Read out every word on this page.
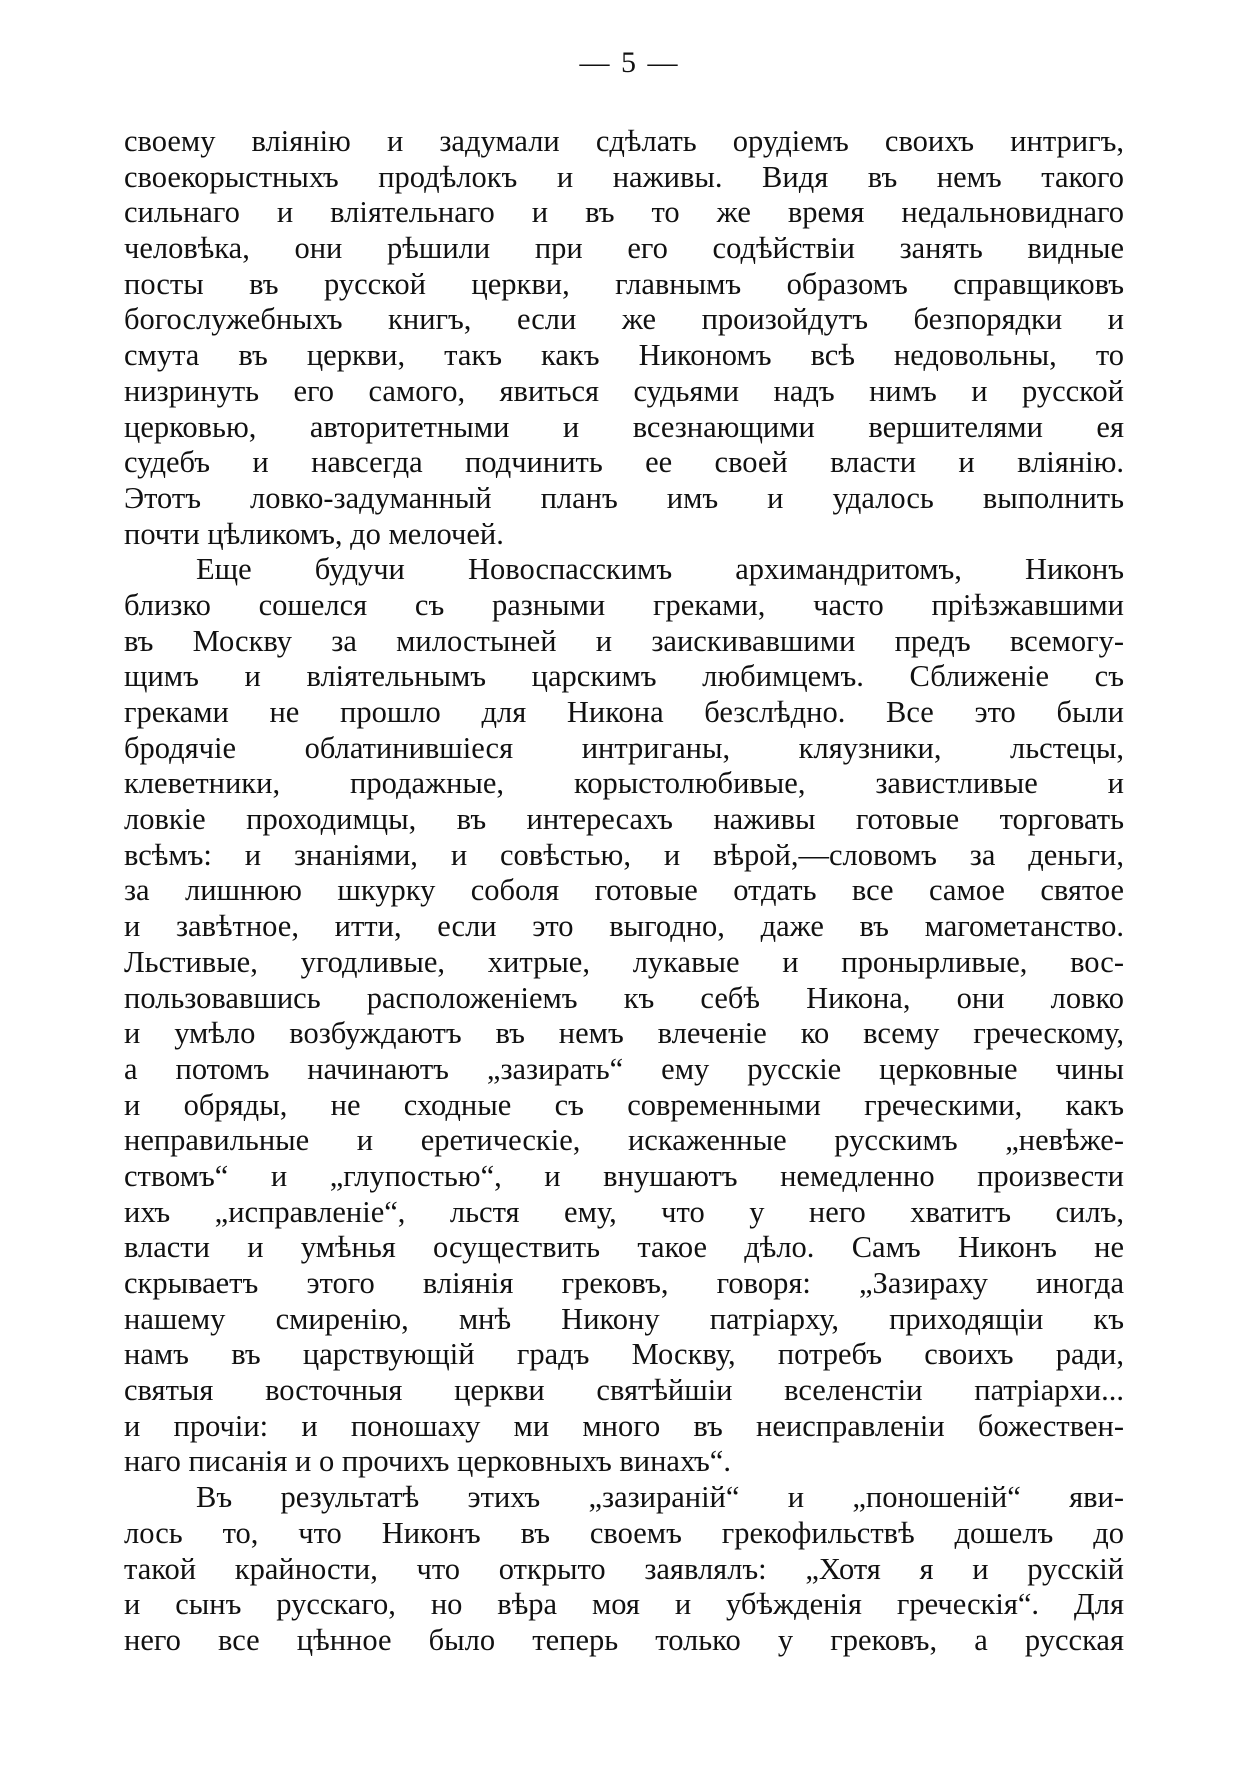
— 5 —
своему вліянію и задумали сдѣлать орудіемъ своихъ интригъ,
своекорыстныхъ продѣлокъ и наживы. Видя въ немъ такого
сильнаго и вліятельнаго и въ то же время недальновиднаго
человѣка, они рѣшили при его содѣйствіи занять видные
посты въ русской церкви, главнымъ образомъ справщиковъ
богослужебныхъ книгъ, если же произойдутъ безпорядки и
смута въ церкви, такъ какъ Никономъ всѣ недовольны, то
низринуть его самого, явиться судьями надъ нимъ и русской
церковью, авторитетными и всезнающими вершителями ея
судебъ и навсегда подчинить ее своей власти и вліянію.
Этотъ ловко-задуманный планъ имъ и удалось выполнить
почти цѣликомъ, до мелочей.
Еще будучи Новоспасскимъ архимандритомъ, Никонъ
близко сошелся съ разными греками, часто пріѣзжавшими
въ Москву за милостыней и заискивавшими предъ всемогу-
щимъ и вліятельнымъ царскимъ любимцемъ. Сближеніе съ
греками не прошло для Никона безслѣдно. Все это были
бродячіе облатинившіеся интриганы, кляузники, льстецы,
клеветники, продажные, корыстолюбивые, завистливые и
ловкіе проходимцы, въ интересахъ наживы готовые торговать
всѣмъ: и знаніями, и совѣстью, и вѣрой,—словомъ за деньги,
за лишнюю шкурку соболя готовые отдать все самое святое
и завѣтное, итти, если это выгодно, даже въ магометанство.
Льстивые, угодливые, хитрые, лукавые и пронырливые, вос-
пользовавшись расположеніемъ къ себѣ Никона, они ловко
и умѣло возбуждаютъ въ немъ влеченіе ко всему греческому,
а потомъ начинаютъ „зазирать“ ему русскіе церковные чины
и обряды, не сходные съ современными греческими, какъ
неправильные и еретическіе, искаженные русскимъ „невѣже-
ствомъ“ и „глупостью“, и внушаютъ немедленно произвести
ихъ „исправленіе“, льстя ему, что у него хватитъ силъ,
власти и умѣнья осуществить такое дѣло. Самъ Никонъ не
скрываетъ этого вліянія грековъ, говоря: „Зазираху иногда
нашему смиренію, мнѣ Никону патріарху, приходящіи къ
намъ въ царствующій градъ Москву, потребъ своихъ ради,
святыя восточныя церкви святѣйшіи вселенстіи патріархи...
и прочіи: и поношаху ми много въ неисправленіи божествен-
наго писанія и о прочихъ церковныхъ винахъ“.
Въ результатѣ этихъ „зазираній“ и „поношеній“ яви-
лось то, что Никонъ въ своемъ грекофильствѣ дошелъ до
такой крайности, что открыто заявлялъ: „Хотя я и русскій
и сынъ русскаго, но вѣра моя и убѣжденія греческія“. Для
него все цѣнное было теперь только у грековъ, а русская
